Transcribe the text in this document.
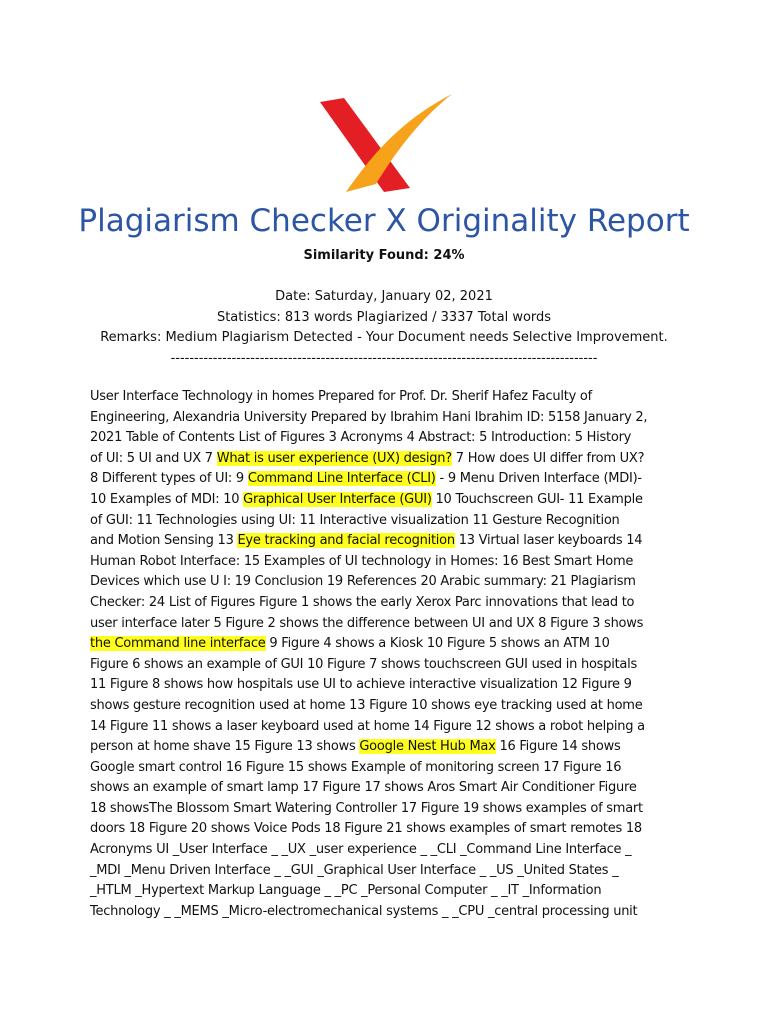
Plagiarism Checker X Originality Report
Similarity Found: 24%
Date: Saturday, January 02, 2021
Statistics: 813 words Plagiarized / 3337 Total words
Remarks: Medium Plagiarism Detected - Your Document needs Selective Improvement.
-------------------------------------------------------------------------------------------
User Interface Technology in homes Prepared for Prof. Dr. Sherif Hafez Faculty of
Engineering, Alexandria University Prepared by Ibrahim Hani Ibrahim ID: 5158 January 2,
2021 Table of Contents List of Figures 3 Acronyms 4 Abstract: 5 Introduction: 5 History
of UI: 5 UI and UX 7 What is user experience (UX) design? 7 How does UI differ from UX?
8 Different types of UI: 9 Command Line Interface (CLI) - 9 Menu Driven Interface (MDI)-
10 Examples of MDI: 10 Graphical User Interface (GUI) 10 Touchscreen GUI- 11 Example
of GUI: 11 Technologies using UI: 11 Interactive visualization 11 Gesture Recognition
and Motion Sensing 13 Eye tracking and facial recognition 13 Virtual laser keyboards 14
Human Robot Interface: 15 Examples of UI technology in Homes: 16 Best Smart Home
Devices which use U I: 19 Conclusion 19 References 20 Arabic summary: 21 Plagiarism
Checker: 24 List of Figures Figure 1 shows the early Xerox Parc innovations that lead to
user interface later 5 Figure 2 shows the difference between UI and UX 8 Figure 3 shows
the Command line interface 9 Figure 4 shows a Kiosk 10 Figure 5 shows an ATM 10
Figure 6 shows an example of GUI 10 Figure 7 shows touchscreen GUI used in hospitals
11 Figure 8 shows how hospitals use UI to achieve interactive visualization 12 Figure 9
shows gesture recognition used at home 13 Figure 10 shows eye tracking used at home
14 Figure 11 shows a laser keyboard used at home 14 Figure 12 shows a robot helping a
person at home shave 15 Figure 13 shows Google Nest Hub Max 16 Figure 14 shows
Google smart control 16 Figure 15 shows Example of monitoring screen 17 Figure 16
shows an example of smart lamp 17 Figure 17 shows Aros Smart Air Conditioner Figure
18 showsThe Blossom Smart Watering Controller 17 Figure 19 shows examples of smart
doors 18 Figure 20 shows Voice Pods 18 Figure 21 shows examples of smart remotes 18
Acronyms UI _User Interface _ _UX _user experience _ _CLI _Command Line Interface _
_MDI _Menu Driven Interface _ _GUI _Graphical User Interface _ _US _United States _
_HTLM _Hypertext Markup Language _ _PC _Personal Computer _ _IT _Information
Technology _ _MEMS _Micro-electromechanical systems _ _CPU _central processing unit
